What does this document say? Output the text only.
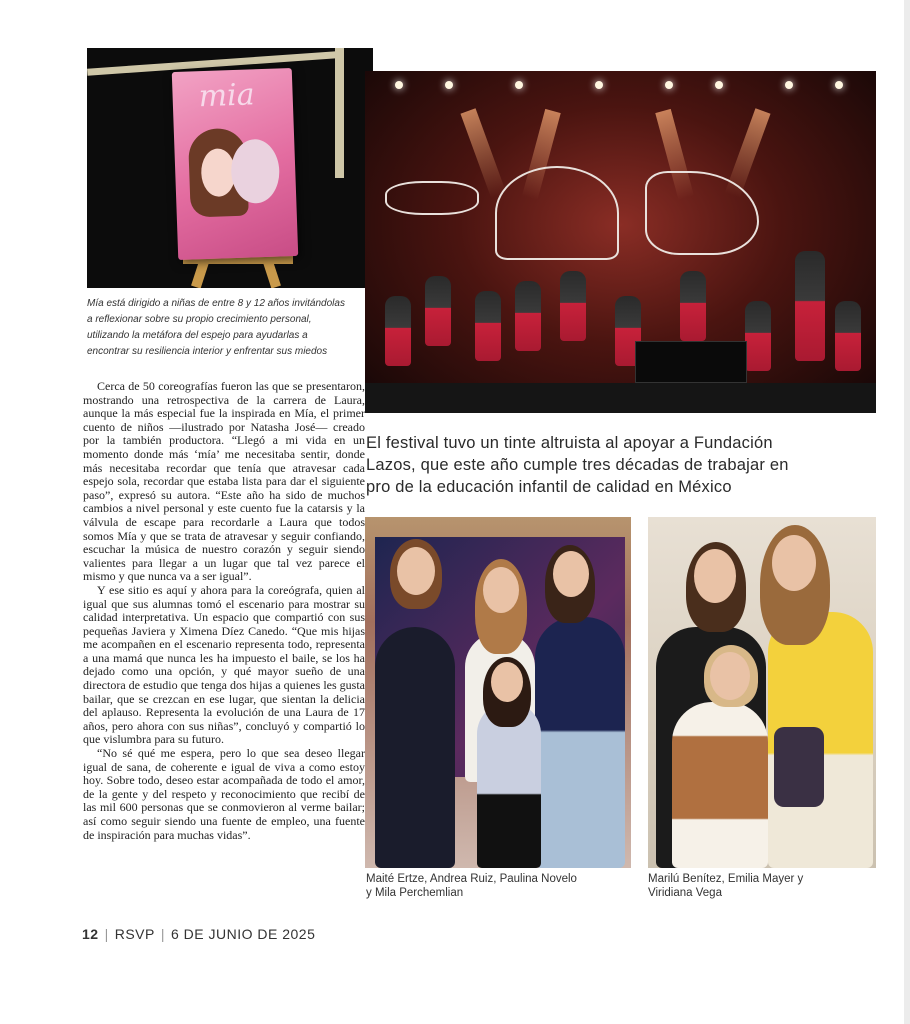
mia

Mía está dirigido a niñas de entre 8 y 12 años invitándolas

a reflexionar sobre su propio crecimiento personal,

utilizando la metáfora del espejo para ayudarlas a

encontrar su resiliencia interior y enfrentar sus miedos

Cerca de 50 coreografías fueron las que se presentaron, mostrando una retrospectiva de la carrera de Laura, aunque la más especial fue la inspirada en Mía, el primer cuento de niños —ilustrado por Natasha José— creado por la también productora. “Llegó a mi vida en un momento donde más ‘mía’ me necesitaba sentir, donde más necesitaba recordar que tenía que atravesar cada espejo sola, recordar que estaba lista para dar el siguiente paso”, expresó su autora. “Este año ha sido de muchos cambios a nivel personal y este cuento fue la catarsis y la válvula de escape para recordarle a Laura que todos somos Mía y que se trata de atravesar y seguir confiando, escuchar la música de nuestro corazón y seguir siendo valientes para llegar a un lugar que tal vez parece el mismo y que nunca va a ser igual”.

Y ese sitio es aquí y ahora para la coreógrafa, quien al igual que sus alumnas tomó el escenario para mostrar su calidad interpretativa. Un espacio que compartió con sus pequeñas Javiera y Ximena Díez Canedo. “Que mis hijas me acompañen en el escenario representa todo, representa a una mamá que nunca les ha impuesto el baile, se los ha dejado como una opción, y qué mayor sueño de una directora de estudio que tenga dos hijas a quienes les gusta bailar, que se crezcan en ese lugar, que sientan la delicia del aplauso. Representa la evolución de una Laura de 17 años, pero ahora con sus niñas”, concluyó y compartió lo que vislumbra para su futuro.

“No sé qué me espera, pero lo que sea deseo llegar igual de sana, de coherente e igual de viva a como estoy hoy. Sobre todo, deseo estar acompañada de todo el amor, de la gente y del respeto y reconocimiento que recibí de las mil 600 personas que se conmovieron al verme bailar; así como seguir siendo una fuente de empleo, una fuente de inspiración para muchas vidas”.

El festival tuvo un tinte altruista al apoyar a Fundación
Lazos, que este año cumple tres décadas de trabajar en
pro de la educación infantil de calidad en México
Maité Ertze, Andrea Ruiz, Paulina Novelo
y Mila Perchemlian
Marilú Benítez, Emilia Mayer y
Viridiana Vega
12 | RSVP | 6 DE JUNIO DE 2025
